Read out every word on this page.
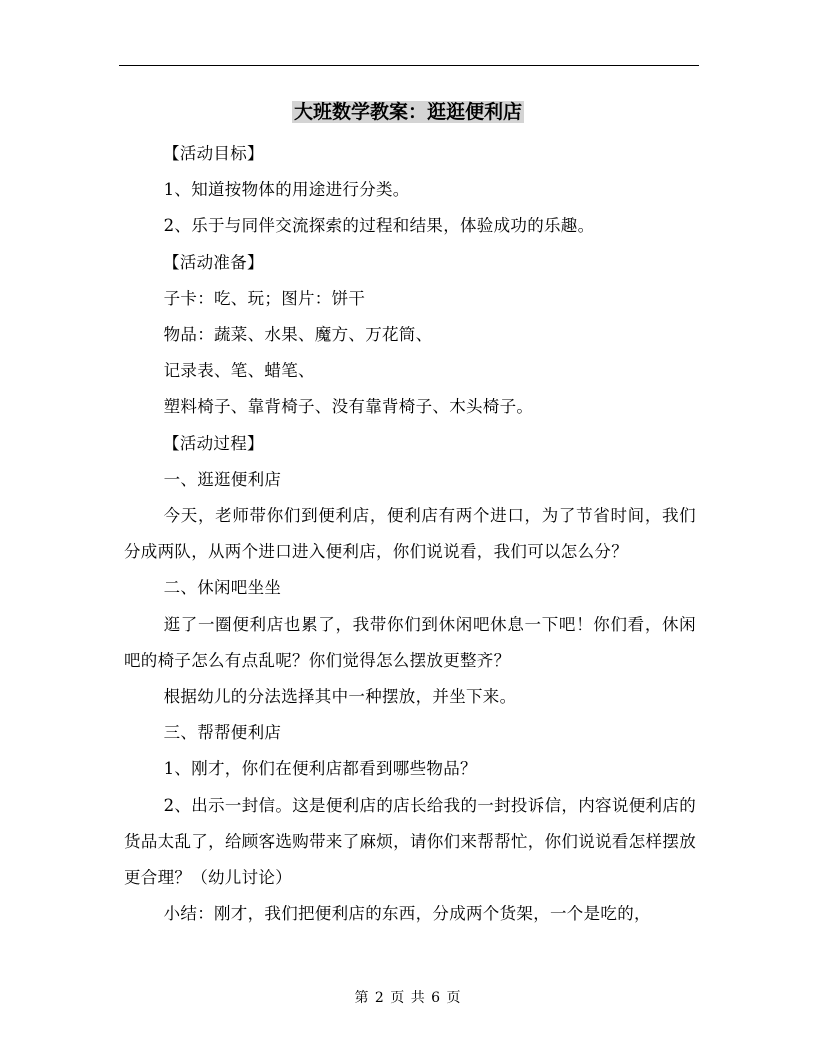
大班数学教案：逛逛便利店

【活动目标】

1、知道按物体的用途进行分类。

2、乐于与同伴交流探索的过程和结果，体验成功的乐趣。

【活动准备】

子卡：吃、玩；图片：饼干

物品：蔬菜、水果、魔方、万花筒、

记录表、笔、蜡笔、

塑料椅子、靠背椅子、没有靠背椅子、木头椅子。

【活动过程】

一、逛逛便利店

今天，老师带你们到便利店，便利店有两个进口，为了节省时间，我们分成两队，从两个进口进入便利店，你们说说看，我们可以怎么分？

二、休闲吧坐坐

逛了一圈便利店也累了，我带你们到休闲吧休息一下吧！你们看，休闲吧的椅子怎么有点乱呢？你们觉得怎么摆放更整齐？

根据幼儿的分法选择其中一种摆放，并坐下来。

三、帮帮便利店

1、刚才，你们在便利店都看到哪些物品？

2、出示一封信。这是便利店的店长给我的一封投诉信，内容说便利店的货品太乱了，给顾客选购带来了麻烦，请你们来帮帮忙，你们说说看怎样摆放更合理？（幼儿讨论）

小结：刚才，我们把便利店的东西，分成两个货架，一个是吃的，

第 2 页 共 6 页
